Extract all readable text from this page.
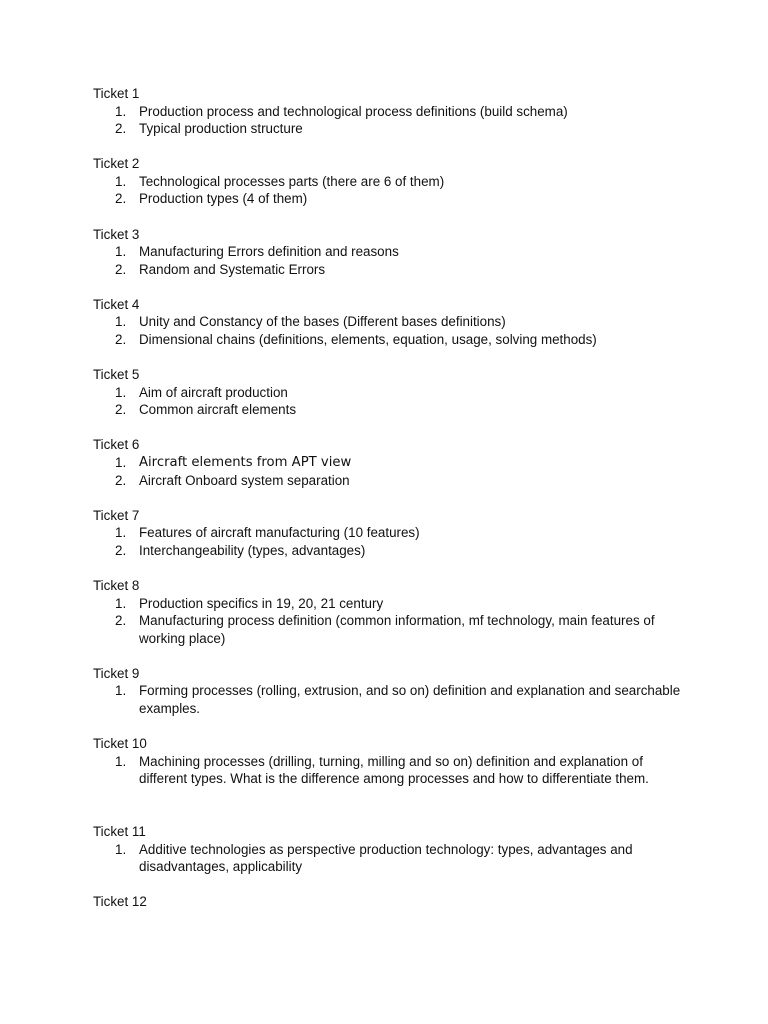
Ticket 1
1. Production process and technological process definitions (build schema)
2. Typical production structure
Ticket 2
1. Technological processes parts (there are 6 of them)
2. Production types (4 of them)
Ticket 3
1. Manufacturing Errors definition and reasons
2. Random and Systematic Errors
Ticket 4
1. Unity and Constancy of the bases (Different bases definitions)
2. Dimensional chains (definitions, elements, equation, usage, solving methods)
Ticket 5
1. Aim of aircraft production
2. Common aircraft elements
Ticket 6
1. Aircraft elements from APT view
2. Aircraft Onboard system separation
Ticket 7
1. Features of aircraft manufacturing (10 features)
2. Interchangeability (types, advantages)
Ticket 8
1. Production specifics in 19, 20, 21 century
2. Manufacturing process definition (common information, mf technology, main features of working place)
Ticket 9
1. Forming processes (rolling, extrusion, and so on) definition and explanation and searchable examples.
Ticket 10
1. Machining processes (drilling, turning, milling and so on) definition and explanation of different types. What is the difference among processes and how to differentiate them.
Ticket 11
1. Additive technologies as perspective production technology: types, advantages and disadvantages, applicability
Ticket 12
